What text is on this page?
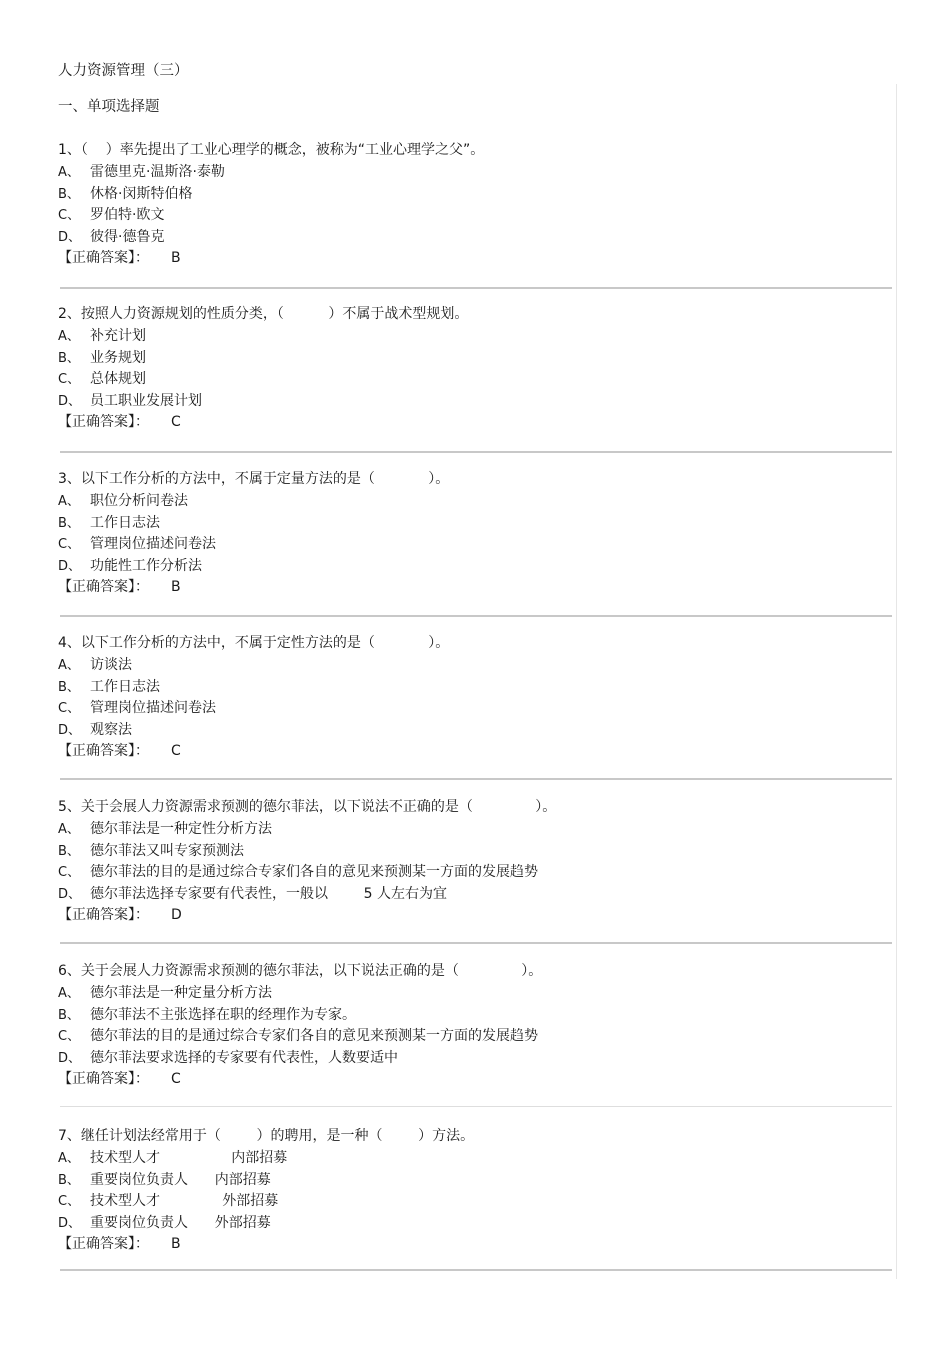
人力资源管理（三）
一、单项选择题
1、（    ）率先提出了工业心理学的概念，被称为“工业心理学之父”。
A、 雷德里克·温斯洛·泰勒
B、 休格·闵斯特伯格
C、 罗伯特·欧文
D、 彼得·德鲁克
【正确答案】： B
2、按照人力资源规划的性质分类，（          ）不属于战术型规划。
A、 补充计划
B、 业务规划
C、 总体规划
D、 员工职业发展计划
【正确答案】： C
3、以下工作分析的方法中，不属于定量方法的是（            ）。
A、 职位分析问卷法
B、 工作日志法
C、 管理岗位描述问卷法
D、 功能性工作分析法
【正确答案】： B
4、以下工作分析的方法中，不属于定性方法的是（            ）。
A、 访谈法
B、 工作日志法
C、 管理岗位描述问卷法
D、 观察法
【正确答案】： C
5、关于会展人力资源需求预测的德尔菲法，以下说法不正确的是（              ）。
A、 德尔菲法是一种定性分析方法
B、 德尔菲法又叫专家预测法
C、 德尔菲法的目的是通过综合专家们各自的意见来预测某一方面的发展趋势
D、 德尔菲法选择专家要有代表性，一般以        5 人左右为宜
【正确答案】： D
6、关于会展人力资源需求预测的德尔菲法，以下说法正确的是（              ）。
A、 德尔菲法是一种定量分析方法
B、 德尔菲法不主张选择在职的经理作为专家。
C、 德尔菲法的目的是通过综合专家们各自的意见来预测某一方面的发展趋势
D、 德尔菲法要求选择的专家要有代表性，人数要适中
【正确答案】： C
7、继任计划法经常用于（        ）的聘用，是一种（        ）方法。
A、 技术型人才                内部招募
B、 重要岗位负责人      内部招募
C、 技术型人才              外部招募
D、 重要岗位负责人      外部招募
【正确答案】： B
